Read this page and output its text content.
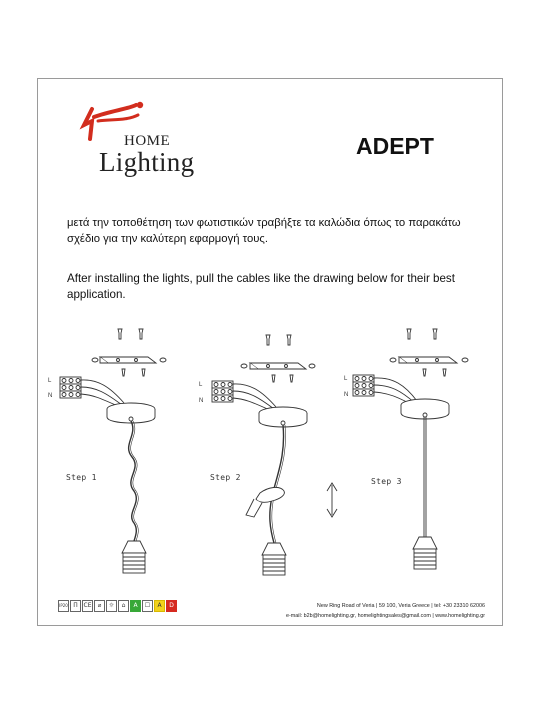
HOME
Lighting
ADEPT
μετά την τοποθέτηση των φωτιστικών τραβήξτε τα καλώδια όπως το παρακάτω σχέδιο για την καλύτερη εφαρμογή τους.
After installing the lights, pull the cables like the drawing below for their best application.
L
N
Step 1
L
N
Step 2
L
N
Step 3
IP20 Π CE	⌀	☼	⌂	A	☐	A	D	New Ring Road of Veria | 59 100, Veria Greece | tel: +30 23310 62006
e-mail: b2b@homelighting.gr, homelightingsales@gmail.com | www.homelighting.gr
